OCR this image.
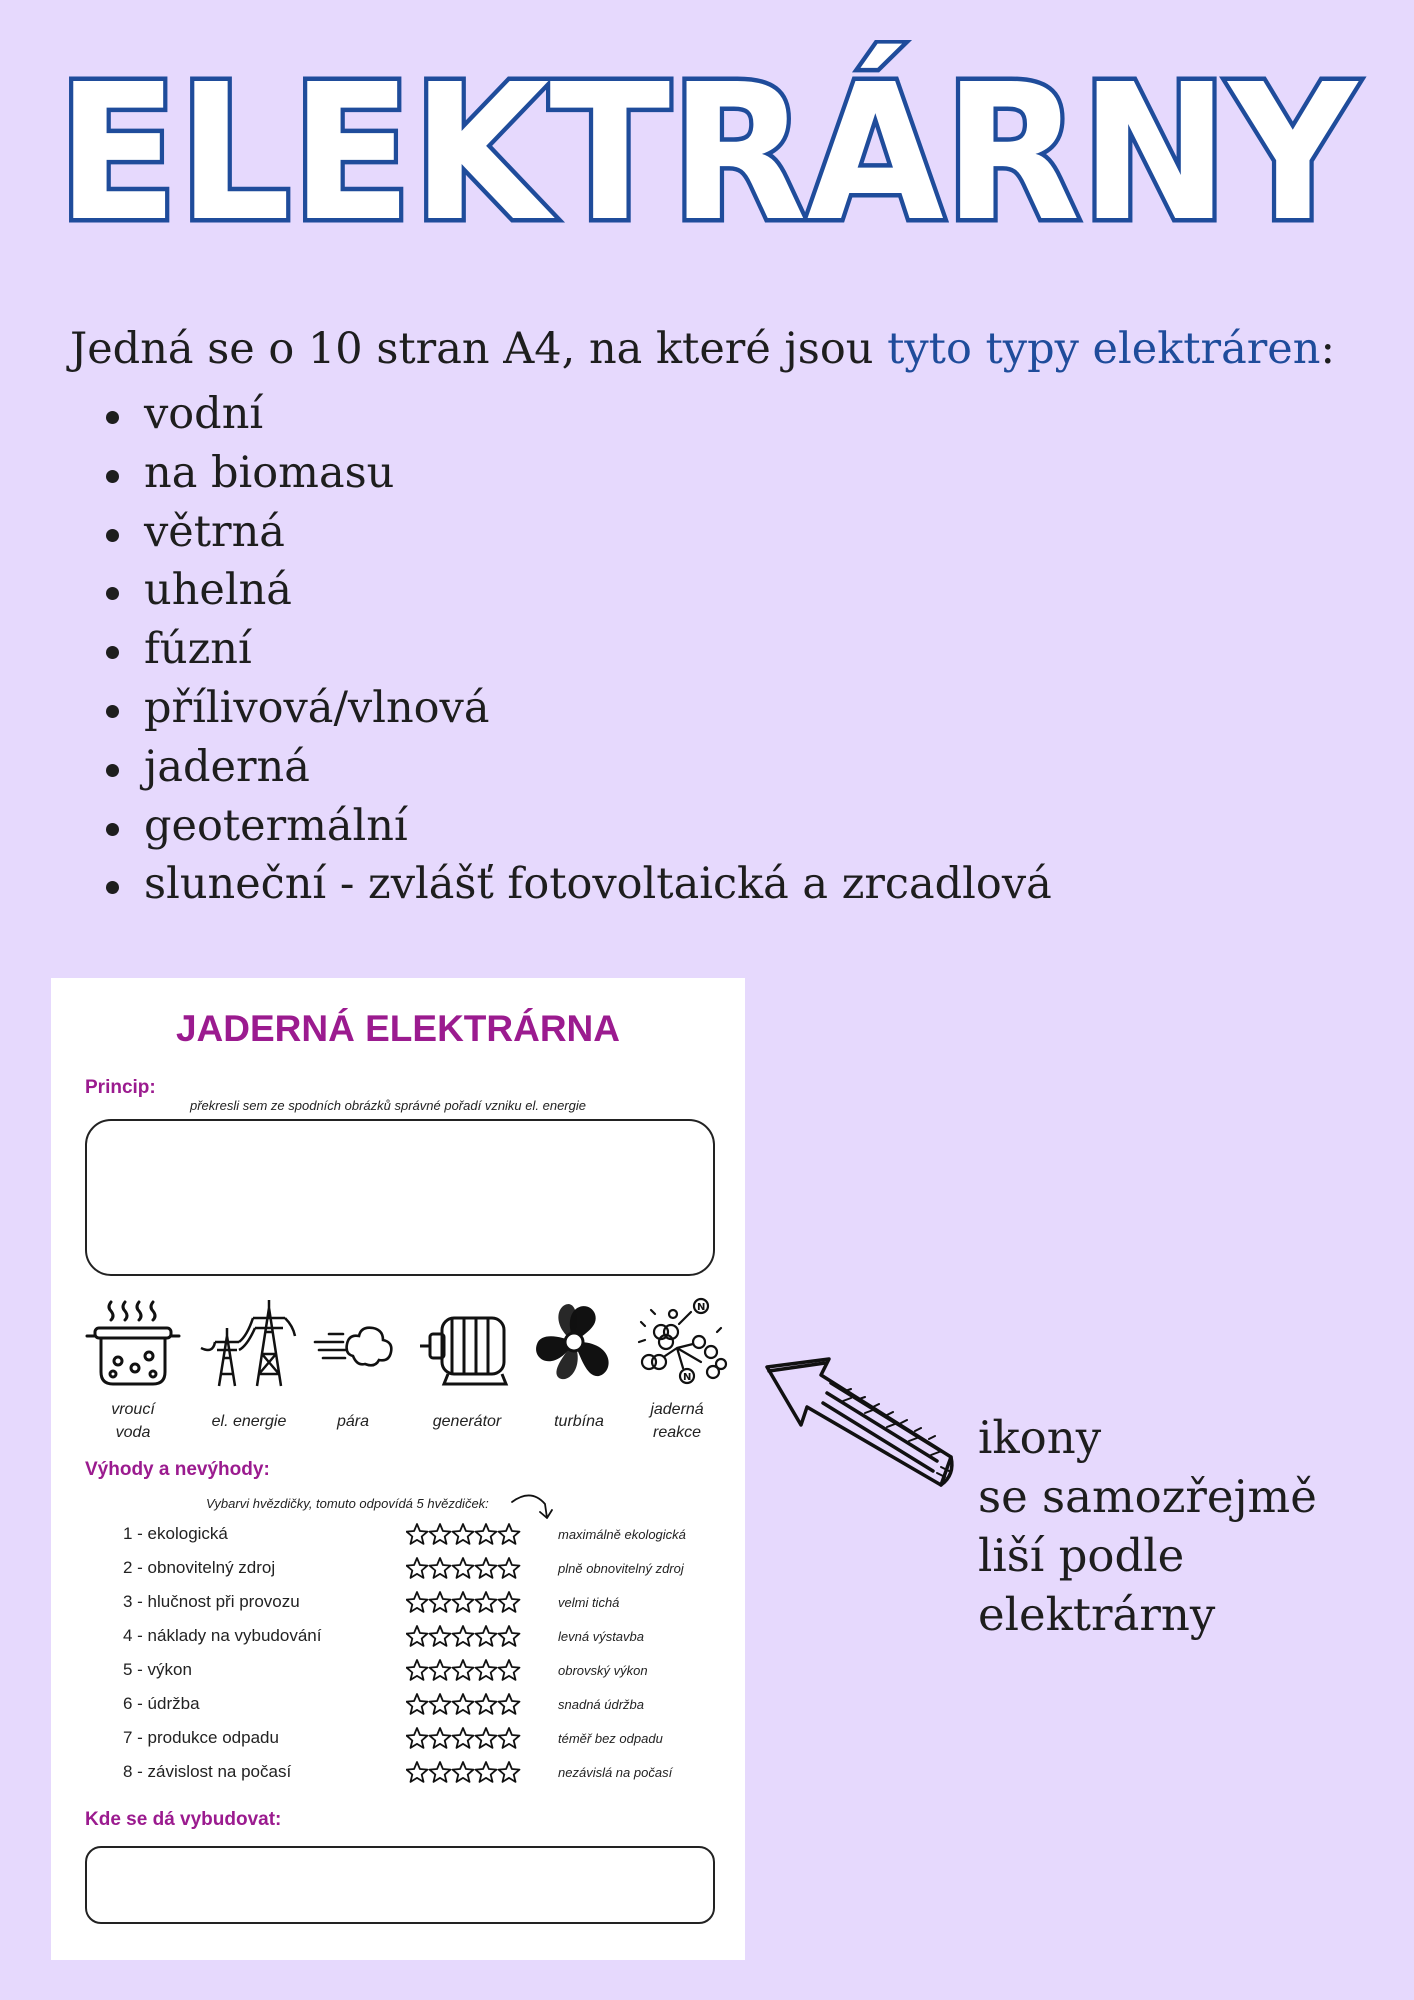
ELEKTRÁRNY
Jedná se o 10 stran A4, na které jsou tyto typy elektráren:
vodní
na biomasu
větrná
uhelná
fúzní
přílivová/vlnová
jaderná
geotermální
sluneční - zvlášť fotovoltaická a zrcadlová
JADERNÁ ELEKTRÁRNA
Princip:
překresli sem ze spodních obrázků správné pořadí vzniku el. energie
N
N
vroucí
voda
el. energie	pára	generátor	turbína
jaderná
reakce
Výhody a nevýhody:
Vybarvi hvězdičky, tomuto odpovídá 5 hvězdiček:
Kde se dá vybudovat:
1 - ekologická	maximálně ekologická
2 - obnovitelný zdroj	plně obnovitelný zdroj
3 - hlučnost při provozu	velmi tichá
4 - náklady na vybudování	levná výstavba
5 - výkon	obrovský výkon
6 - údržba	snadná údržba
7 - produkce odpadu	téměř bez odpadu
8 - závislost na počasí	nezávislá na počasí
ikony
se samozřejmě
liší podle
elektrárny
